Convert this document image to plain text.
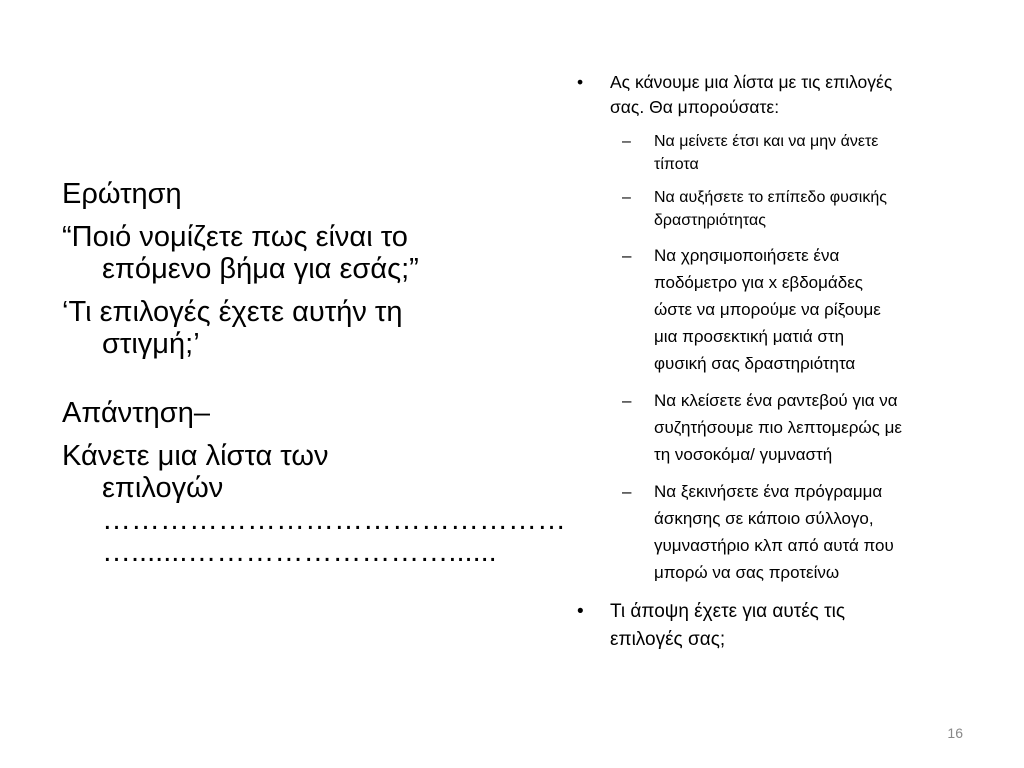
Ερώτηση
“Ποιό νομίζετε πως είναι το
επόμενο βήμα για εσάς;”
‘Τι επιλογές έχετε αυτήν τη
στιγμή;’
Απάντηση–
Κάνετε μια λίστα των
επιλογών
…………………………………………
….......………………………......
• Ας κάνουμε μια λίστα με τις επιλογές
σας. Θα μπορούσατε:
– Να μείνετε έτσι και να μην άνετε
τίποτα
– Να αυξήσετε το επίπεδο φυσικής
δραστηριότητας
– Να χρησιμοποιήσετε ένα
ποδόμετρο για x εβδομάδες
ώστε να μπορούμε να ρίξουμε
μια προσεκτική ματιά στη
φυσική σας δραστηριότητα
– Να κλείσετε ένα ραντεβού για να
συζητήσουμε πιο λεπτομερώς με
τη νοσοκόμα/ γυμναστή
– Να ξεκινήσετε ένα πρόγραμμα
άσκησης σε κάποιο σύλλογο,
γυμναστήριο κλπ από αυτά που
μπορώ να σας προτείνω
• Τι άποψη έχετε για αυτές τις
επιλογές σας;
16
